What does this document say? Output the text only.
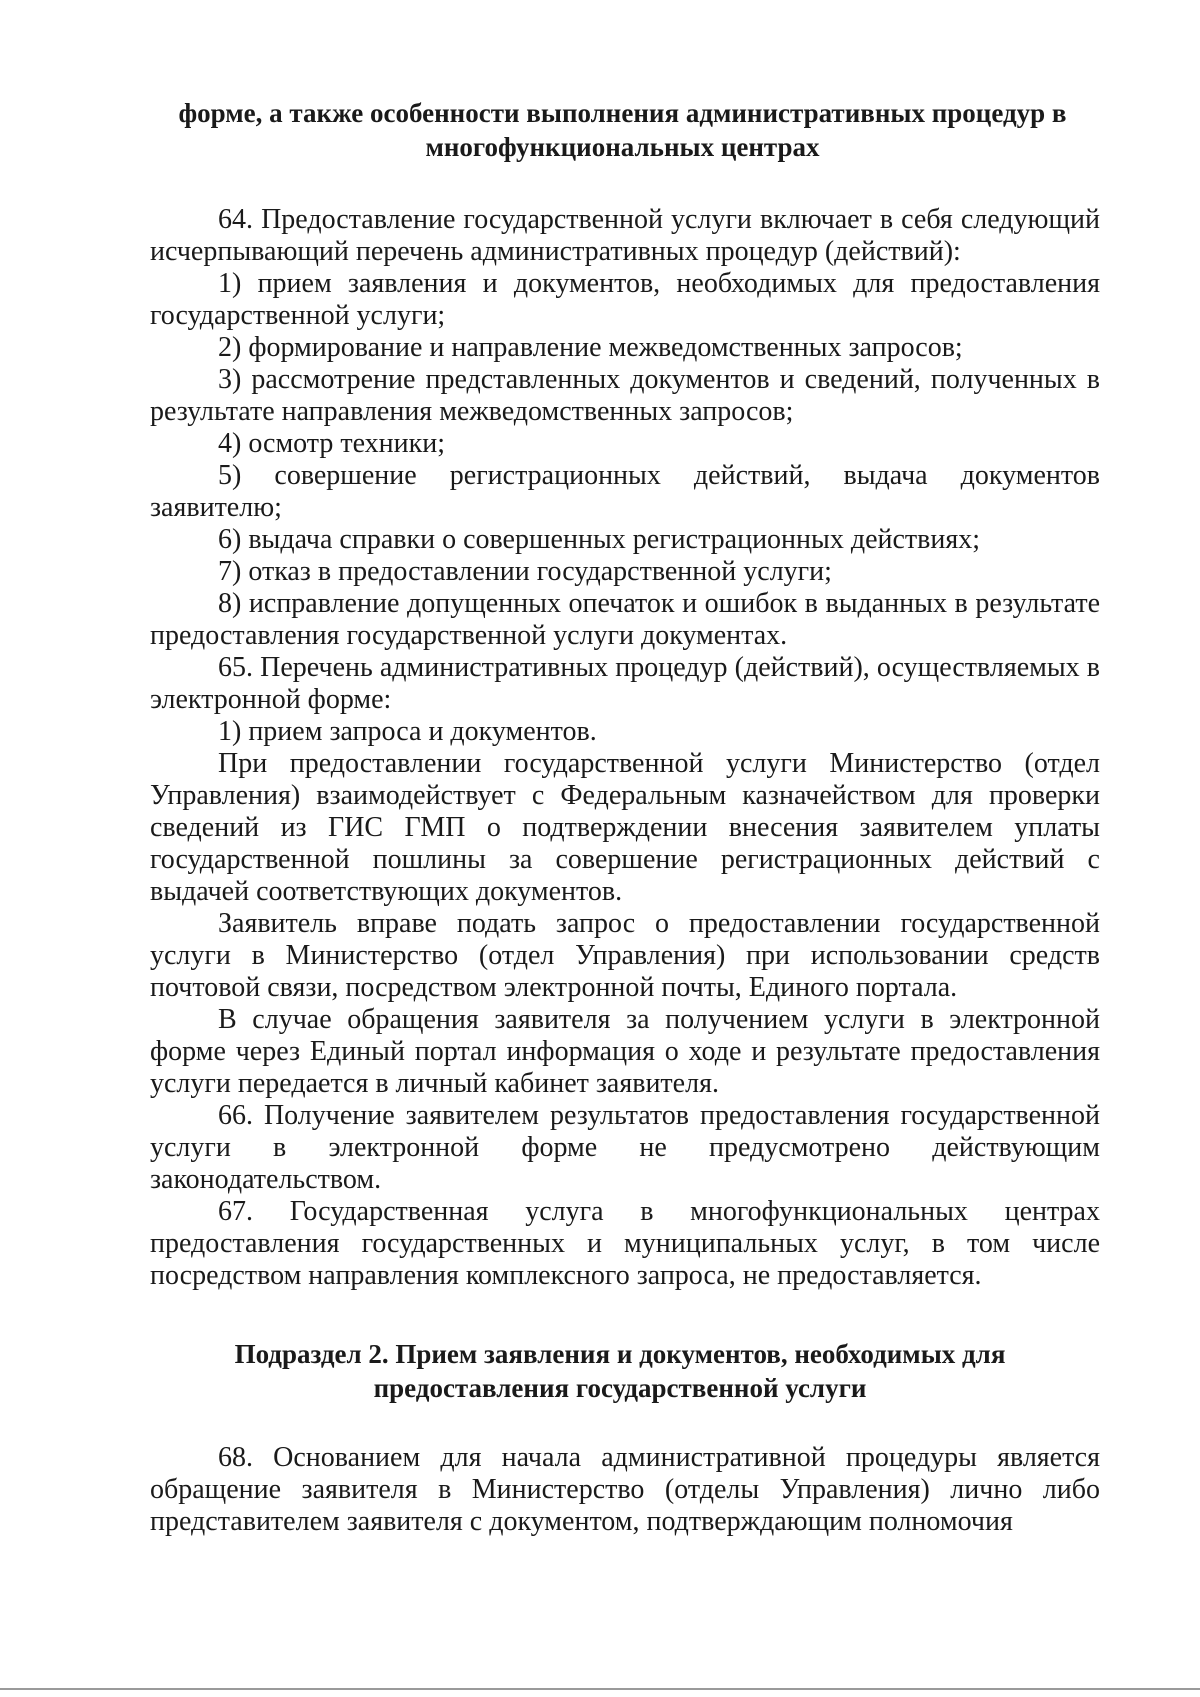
форме, а также особенности выполнения административных процедур в
многофункциональных центрах

64. Предоставление государственной услуги включает в себя следующий исчерпывающий перечень административных процедур (действий):

1) прием заявления и документов, необходимых для предоставления государственной услуги;

2) формирование и направление межведомственных запросов;

3) рассмотрение представленных документов и сведений, полученных в результате направления межведомственных запросов;

4) осмотр техники;

5) совершение регистрационных действий, выдача документов заявителю;

6) выдача справки о совершенных регистрационных действиях;

7) отказ в предоставлении государственной услуги;

8) исправление допущенных опечаток и ошибок в выданных в результате предоставления государственной услуги документах.

65. Перечень административных процедур (действий), осуществляемых в электронной форме:

1) прием запроса и документов.

При предоставлении государственной услуги Министерство (отдел Управления) взаимодействует с Федеральным казначейством для проверки сведений из ГИС ГМП о подтверждении внесения заявителем уплаты государственной пошлины за совершение регистрационных действий с выдачей соответствующих документов.

Заявитель вправе подать запрос о предоставлении государственной услуги в Министерство (отдел Управления) при использовании средств почтовой связи, посредством электронной почты, Единого портала.

В случае обращения заявителя за получением услуги в электронной форме через Единый портал информация о ходе и результате предоставления услуги передается в личный кабинет заявителя.

66. Получение заявителем результатов предоставления государственной услуги в электронной форме не предусмотрено действующим законодательством.

67. Государственная услуга в многофункциональных центрах предоставления государственных и муниципальных услуг, в том числе посредством направления комплексного запроса, не предоставляется.

Подраздел 2. Прием заявления и документов, необходимых для
предоставления государственной услуги

68. Основанием для начала административной процедуры является обращение заявителя в Министерство (отделы Управления) лично либо представителем заявителя с документом, подтверждающим полномочия
